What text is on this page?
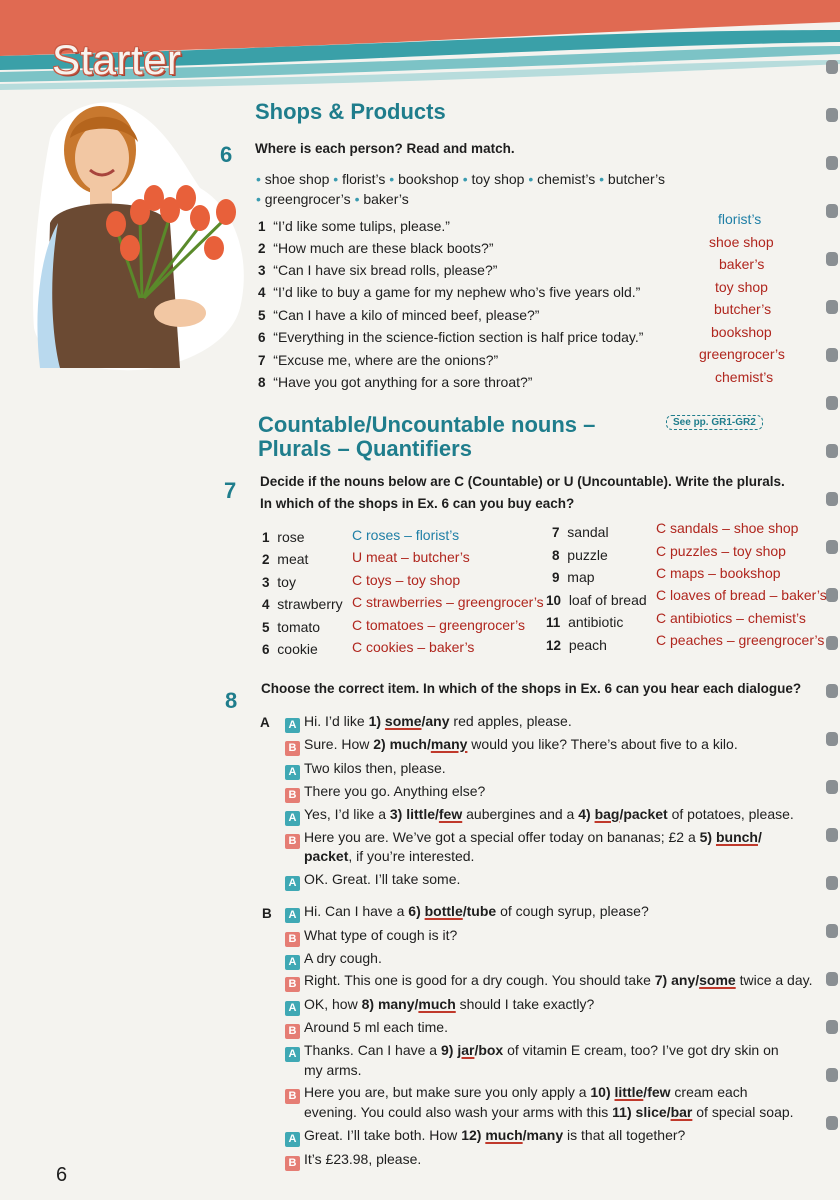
Starter
Shops & Products
6 Where is each person? Read and match.
• shoe shop • florist’s • bookshop • toy shop • chemist’s • butcher’s
• greengrocer’s • baker’s
1 “I’d like some tulips, please.”
2 “How much are these black boots?”
3 “Can I have six bread rolls, please?”
4 “I’d like to buy a game for my nephew who’s five years old.”
5 “Can I have a kilo of minced beef, please?”
6 “Everything in the science-fiction section is half price today.”
7 “Excuse me, where are the onions?”
8 “Have you got anything for a sore throat?”
florist’s
shoe shop
baker’s
toy shop
butcher’s
bookshop
greengrocer’s
chemist’s
Countable/Uncountable nouns –
Plurals – Quantifiers
See pp. GR1-GR2
7 Decide if the nouns below are C (Countable) or U (Uncountable). Write the plurals.
In which of the shops in Ex. 6 can you buy each?
1 rose
2 meat
3 toy
4 strawberry
5 tomato
6 cookie
C roses – florist’s
U meat – butcher’s
C toys – toy shop
C strawberries – greengrocer’s
C tomatoes – greengrocer’s
C cookies – baker’s
7 sandal
8 puzzle
9 map
10 loaf of bread
11 antibiotic
12 peach
C sandals – shoe shop
C puzzles – toy shop
C maps – bookshop
C loaves of bread – baker’s
C antibiotics – chemist’s
C peaches – greengrocer’s
8 Choose the correct item. In which of the shops in Ex. 6 can you hear each dialogue?
A	A Hi. I’d like 1) some/any red apples, please.
B Sure. How 2) much/many would you like? There’s about five to a kilo.
A Two kilos then, please.
B There you go. Anything else?
A Yes, I’d like a 3) little/few aubergines and a 4) bag/packet of potatoes, please.
B Here you are. We’ve got a special offer today on bananas; £2 a 5) bunch/
packet, if you’re interested.
A OK. Great. I’ll take some.
B	A Hi. Can I have a 6) bottle/tube of cough syrup, please?
B What type of cough is it?
A A dry cough.
B Right. This one is good for a dry cough. You should take 7) any/some twice a day.
A OK, how 8) many/much should I take exactly?
B Around 5 ml each time.
A Thanks. Can I have a 9) jar/box of vitamin E cream, too? I’ve got dry skin on
my arms.
B Here you are, but make sure you only apply a 10) little/few cream each
evening. You could also wash your arms with this 11) slice/bar of special soap.
A Great. I’ll take both. How 12) much/many is that all together?
B It’s £23.98, please.
6
